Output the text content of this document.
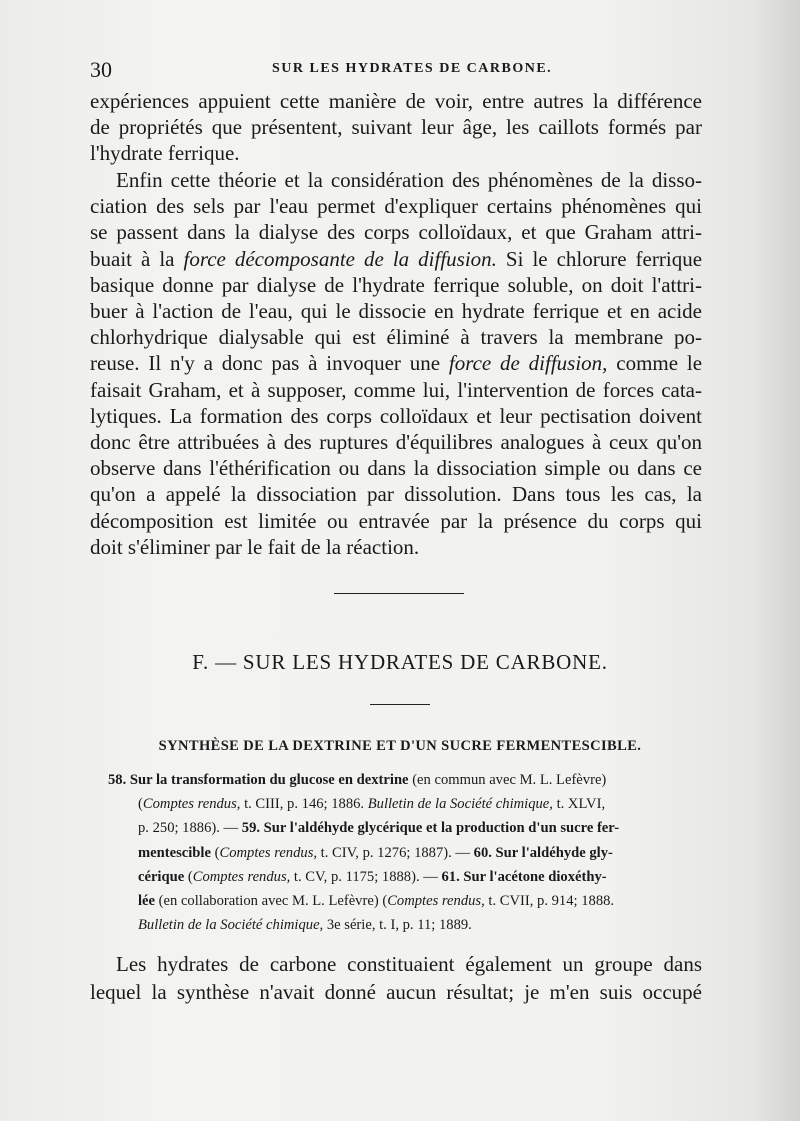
30	SUR LES HYDRATES DE CARBONE.

expériences appuient cette manière de voir, entre autres la différence
de propriétés que présentent, suivant leur âge, les caillots formés par
l'hydrate ferrique.

Enfin cette théorie et la considération des phénomènes de la disso-
ciation des sels par l'eau permet d'expliquer certains phénomènes qui
se passent dans la dialyse des corps colloïdaux, et que Graham attri-
buait à la force décomposante de la diffusion. Si le chlorure ferrique
basique donne par dialyse de l'hydrate ferrique soluble, on doit l'attri-
buer à l'action de l'eau, qui le dissocie en hydrate ferrique et en acide
chlorhydrique dialysable qui est éliminé à travers la membrane po-
reuse. Il n'y a donc pas à invoquer une force de diffusion, comme le
faisait Graham, et à supposer, comme lui, l'intervention de forces cata-
lytiques. La formation des corps colloïdaux et leur pectisation doivent
donc être attribuées à des ruptures d'équilibres analogues à ceux qu'on
observe dans l'éthérification ou dans la dissociation simple ou dans ce
qu'on a appelé la dissociation par dissolution. Dans tous les cas, la
décomposition est limitée ou entravée par la présence du corps qui
doit s'éliminer par le fait de la réaction.

F. — SUR LES HYDRATES DE CARBONE.
SYNTHÈSE DE LA DEXTRINE ET D'UN SUCRE FERMENTESCIBLE.
58. Sur la transformation du glucose en dextrine (en commun avec M. L. Lefèvre)
(Comptes rendus, t. CIII, p. 146; 1886. Bulletin de la Société chimique, t. XLVI,
p. 250; 1886). — 59. Sur l'aldéhyde glycérique et la production d'un sucre fer-
mentescible (Comptes rendus, t. CIV, p. 1276; 1887). — 60. Sur l'aldéhyde gly-
cérique (Comptes rendus, t. CV, p. 1175; 1888). — 61. Sur l'acétone dioxéthy-
lée (en collaboration avec M. L. Lefèvre) (Comptes rendus, t. CVII, p. 914; 1888.
Bulletin de la Société chimique, 3e série, t. I, p. 11; 1889.

Les hydrates de carbone constituaient également un groupe dans
lequel la synthèse n'avait donné aucun résultat; je m'en suis occupé
